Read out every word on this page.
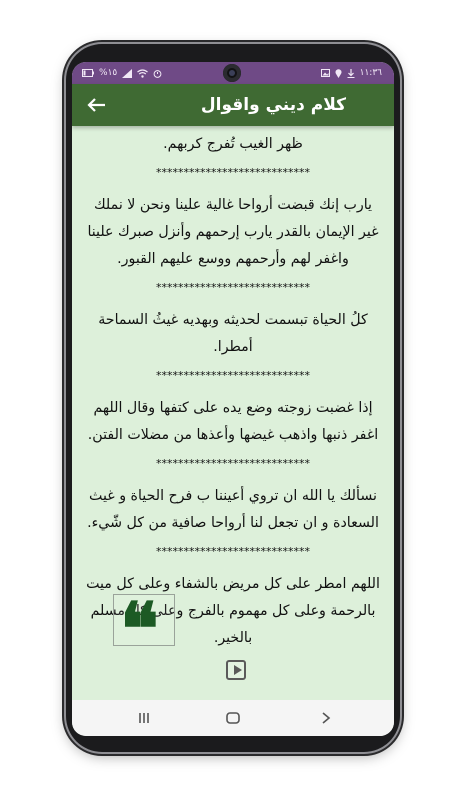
%١٥	١١:٣٦
كلام ديني واقوال

ظهر الغيب تُفرج كربهم.

****************************

يارب إنك قبضت أرواحا غالية علينا ونحن لا نملك غير الإيمان بالقدر يارب إرحمهم وأنزل صبرك علينا واغفر لهم وأرحمهم ووسع عليهم القبور.

****************************

كلُ الحياة تبسمت لحديثه وبهديه غيثُ السماحة أمطرا.

****************************

إذا غضبت زوجته وضع يده على كتفها وقال اللهم اغفر ذنبها واذهب غيضها وأعذها من مضلات الفتن.

****************************

نسألك يا الله ان تروي أعيننا ب فرح الحياة و غيث السعادة و ان تجعل لنا أرواحا صافية من كل شّيء.

****************************

اللهم امطر على كل مريض بالشفاء وعلى كل ميت بالرحمة وعلى كل مهموم بالفرج وعلى كل مسلم بالخير.

❝
